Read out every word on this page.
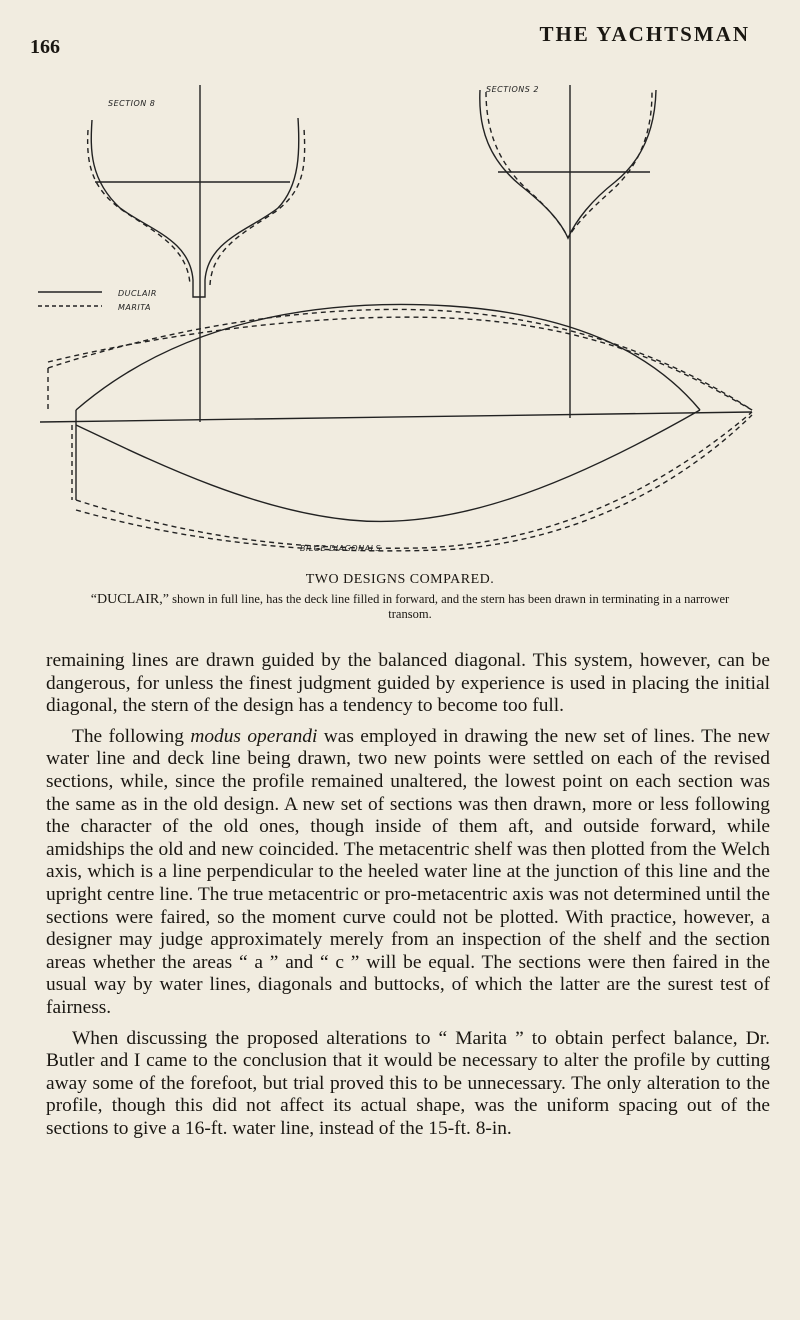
166
THE YACHTSMAN
DUCLAIR
MARITA
SECTION 8
SECTIONS 2
BILGE DIAGONALS
TWO DESIGNS COMPARED.
“DUCLAIR,” shown in full line, has the deck line filled in forward, and the stern has been drawn in terminating in a narrower transom.

remaining lines are drawn guided by the balanced diagonal. This system, however, can be dangerous, for unless the finest judgment guided by experience is used in placing the initial diagonal, the stern of the design has a tendency to become too full.

The following modus operandi was employed in drawing the new set of lines. The new water line and deck line being drawn, two new points were settled on each of the revised sections, while, since the profile remained unaltered, the lowest point on each section was the same as in the old design. A new set of sections was then drawn, more or less following the character of the old ones, though inside of them aft, and outside forward, while amidships the old and new coincided. The metacentric shelf was then plotted from the Welch axis, which is a line perpendicular to the heeled water line at the junction of this line and the upright centre line. The true metacentric or pro-metacentric axis was not determined until the sections were faired, so the moment curve could not be plotted. With practice, however, a designer may judge approximately merely from an inspection of the shelf and the section areas whether the areas “ a ” and “ c ” will be equal. The sections were then faired in the usual way by water lines, diagonals and buttocks, of which the latter are the surest test of fairness.

When discussing the proposed alterations to “ Marita ” to obtain perfect balance, Dr. Butler and I came to the conclusion that it would be necessary to alter the profile by cutting away some of the forefoot, but trial proved this to be unnecessary. The only alteration to the profile, though this did not affect its actual shape, was the uniform spacing out of the sections to give a 16-ft. water line, instead of the 15-ft. 8-in.
